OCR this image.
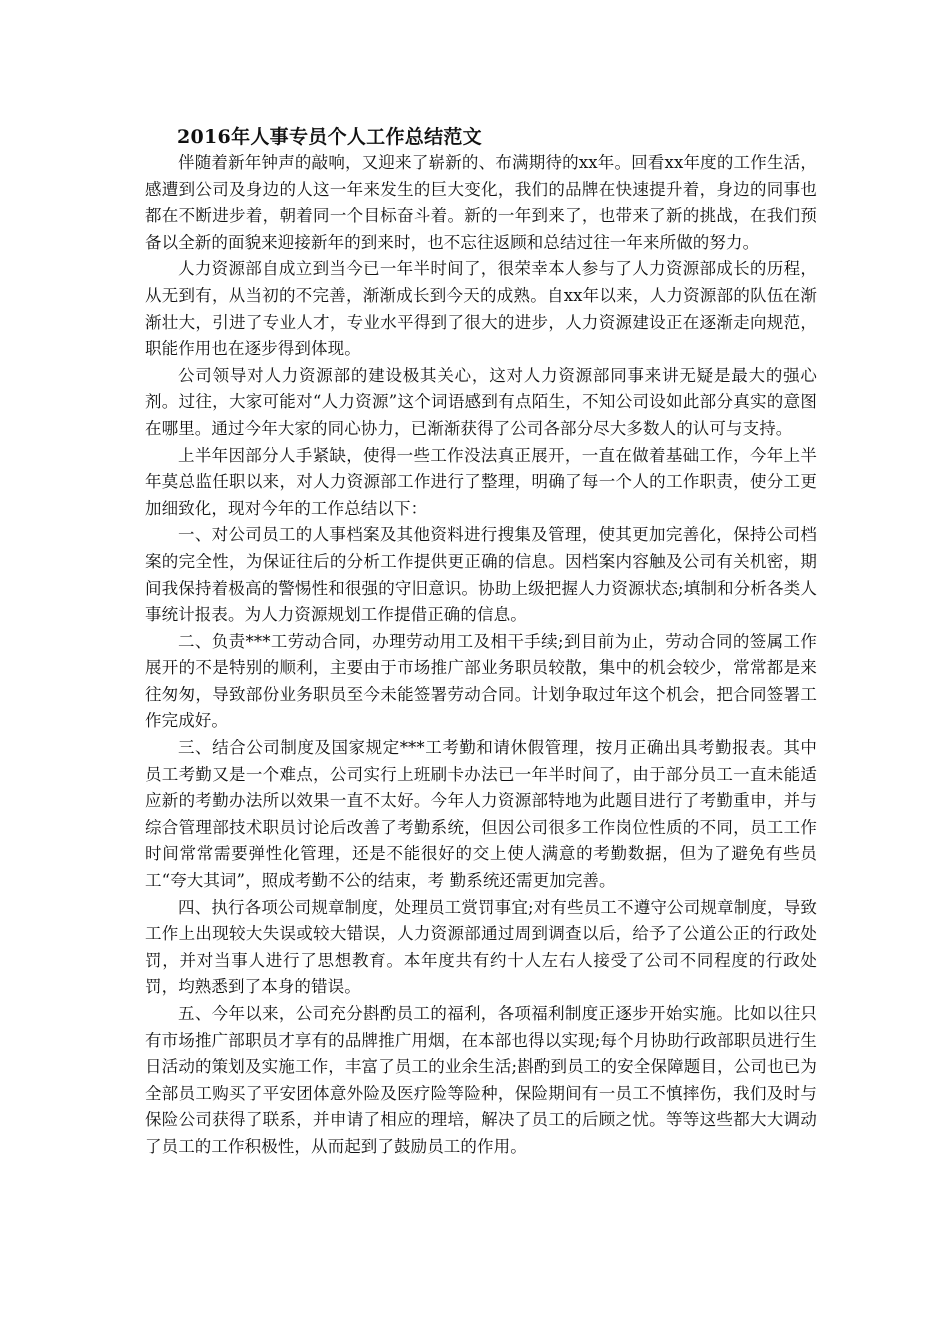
2016年人事专员个人工作总结范文

伴随着新年钟声的敲响，又迎来了崭新的、布满期待的xx年。回看xx年度的工作生活，感遭到公司及身边的人这一年来发生的巨大变化，我们的品牌在快速提升着，身边的同事也都在不断进步着，朝着同一个目标奋斗着。新的一年到来了，也带来了新的挑战，在我们预备以全新的面貌来迎接新年的到来时，也不忘往返顾和总结过往一年来所做的努力。

人力资源部自成立到当今已一年半时间了，很荣幸本人参与了人力资源部成长的历程，从无到有，从当初的不完善，渐渐成长到今天的成熟。自xx年以来，人力资源部的队伍在渐渐壮大，引进了专业人才，专业水平得到了很大的进步，人力资源建设正在逐渐走向规范，职能作用也在逐步得到体现。

公司领导对人力资源部的建设极其关心，这对人力资源部同事来讲无疑是最大的强心剂。过往，大家可能对“人力资源”这个词语感到有点陌生，不知公司设如此部分真实的意图在哪里。通过今年大家的同心协力，已渐渐获得了公司各部分尽大多数人的认可与支持。

上半年因部分人手紧缺，使得一些工作没法真正展开，一直在做着基础工作，今年上半年莫总监任职以来，对人力资源部工作进行了整理，明确了每一个人的工作职责，使分工更加细致化，现对今年的工作总结以下：

一、对公司员工的人事档案及其他资料进行搜集及管理，使其更加完善化，保持公司档案的完全性，为保证往后的分析工作提供更正确的信息。因档案内容触及公司有关机密，期间我保持着极高的警惕性和很强的守旧意识。协助上级把握人力资源状态;填制和分析各类人事统计报表。为人力资源规划工作提借正确的信息。

二、负责***工劳动合同，办理劳动用工及相干手续;到目前为止，劳动合同的签属工作展开的不是特别的顺利，主要由于市场推广部业务职员较散，集中的机会较少，常常都是来往匆匆，导致部份业务职员至今未能签署劳动合同。计划争取过年这个机会，把合同签署工作完成好。

三、结合公司制度及国家规定***工考勤和请休假管理，按月正确出具考勤报表。其中员工考勤又是一个难点，公司实行上班刷卡办法已一年半时间了，由于部分员工一直未能适应新的考勤办法所以效果一直不太好。今年人力资源部特地为此题目进行了考勤重申，并与综合管理部技术职员讨论后改善了考勤系统，但因公司很多工作岗位性质的不同，员工工作时间常常需要弹性化管理，还是不能很好的交上使人满意的考勤数据，但为了避免有些员工“夸大其词”，照成考勤不公的结束，考 勤系统还需更加完善。

四、执行各项公司规章制度，处理员工赏罚事宜;对有些员工不遵守公司规章制度，导致工作上出现较大失误或较大错误，人力资源部通过周到调查以后，给予了公道公正的行政处罚，并对当事人进行了思想教育。本年度共有约十人左右人接受了公司不同程度的行政处罚，均熟悉到了本身的错误。

五、今年以来，公司充分斟酌员工的福利，各项福利制度正逐步开始实施。比如以往只有市场推广部职员才享有的品牌推广用烟，在本部也得以实现;每个月协助行政部职员进行生日活动的策划及实施工作，丰富了员工的业余生活;斟酌到员工的安全保障题目，公司也已为全部员工购买了平安团体意外险及医疗险等险种，保险期间有一员工不慎摔伤，我们及时与保险公司获得了联系，并申请了相应的理培，解决了员工的后顾之忧。等等这些都大大调动了员工的工作积极性，从而起到了鼓励员工的作用。
